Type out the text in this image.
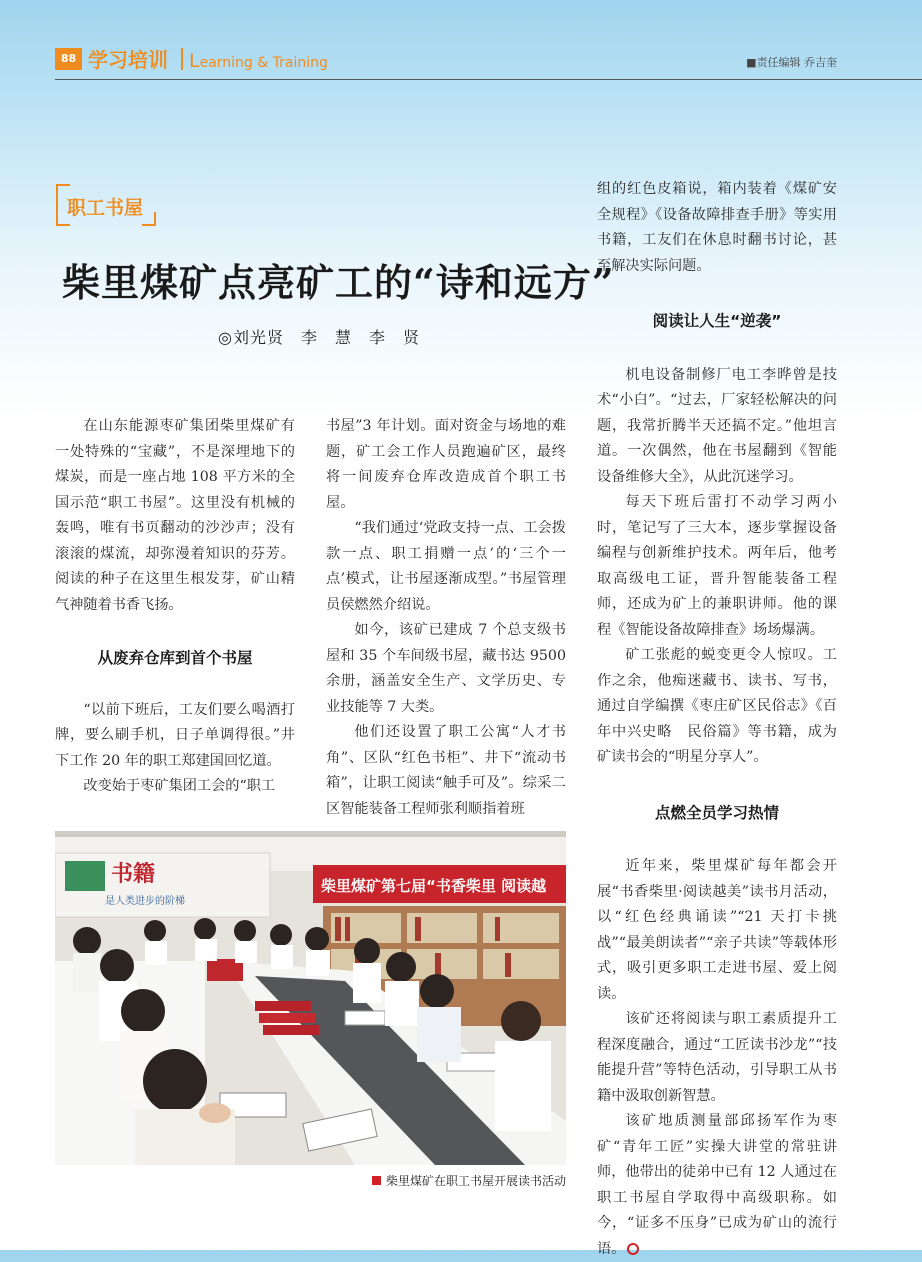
88 学习培训 Learning & Training	■责任编辑 乔吉奎
职工书屋
柴里煤矿点亮矿工的“诗和远方”
◎刘光贤　李　慧　李　贤

在山东能源枣矿集团柴里煤矿有一处特殊的“宝藏”，不是深埋地下的煤炭，而是一座占地 108 平方米的全国示范“职工书屋”。这里没有机械的轰鸣，唯有书页翻动的沙沙声；没有滚滚的煤流，却弥漫着知识的芬芳。阅读的种子在这里生根发芽，矿山精气神随着书香飞扬。

从废弃仓库到首个书屋

“以前下班后，工友们要么喝酒打牌，要么刷手机，日子单调得很。”井下工作 20 年的职工郑建国回忆道。

改变始于枣矿集团工会的“职工

书屋”3 年计划。面对资金与场地的难题，矿工会工作人员跑遍矿区，最终将一间废弃仓库改造成首个职工书屋。

“我们通过‘党政支持一点、工会拨款一点、职工捐赠一点’的‘三个一点’模式，让书屋逐渐成型。”书屋管理员侯燃然介绍说。

如今，该矿已建成 7 个总支级书屋和 35 个车间级书屋，藏书达 9500 余册，涵盖安全生产、文学历史、专业技能等 7 大类。

他们还设置了职工公寓“人才书角”、区队“红色书柜”、井下“流动书箱”，让职工阅读“触手可及”。综采二区智能装备工程师张利顺指着班

组的红色皮箱说，箱内装着《煤矿安全规程》《设备故障排查手册》等实用书籍，工友们在休息时翻书讨论，甚至解决实际问题。

阅读让人生“逆袭”

机电设备制修厂电工李晔曾是技术“小白”。“过去，厂家轻松解决的问题，我常折腾半天还搞不定。”他坦言道。一次偶然，他在书屋翻到《智能设备维修大全》，从此沉迷学习。

每天下班后雷打不动学习两小时，笔记写了三大本，逐步掌握设备编程与创新维护技术。两年后，他考取高级电工证，晋升智能装备工程师，还成为矿上的兼职讲师。他的课程《智能设备故障排查》场场爆满。

矿工张彪的蜕变更令人惊叹。工作之余，他痴迷藏书、读书、写书，通过自学编撰《枣庄矿区民俗志》《百年中兴史略　民俗篇》等书籍，成为矿读书会的“明星分享人”。

点燃全员学习热情

近年来，柴里煤矿每年都会开展“书香柴里·阅读越美”读书月活动，以“红色经典诵读”“21 天打卡挑战”“最美朗读者”“亲子共读”等载体形式，吸引更多职工走进书屋、爱上阅读。

该矿还将阅读与职工素质提升工程深度融合，通过“工匠读书沙龙”“技能提升营”等特色活动，引导职工从书籍中汲取创新智慧。

该矿地质测量部邱扬军作为枣矿“青年工匠”实操大讲堂的常驻讲师，他带出的徒弟中已有 12 人通过在职工书屋自学取得中高级职称。如今，“证多不压身”已成为矿山的流行语。

书籍
是人类进步的阶梯
柴里煤矿第七届“书香柴里 阅读越
柴里煤矿在职工书屋开展读书活动
